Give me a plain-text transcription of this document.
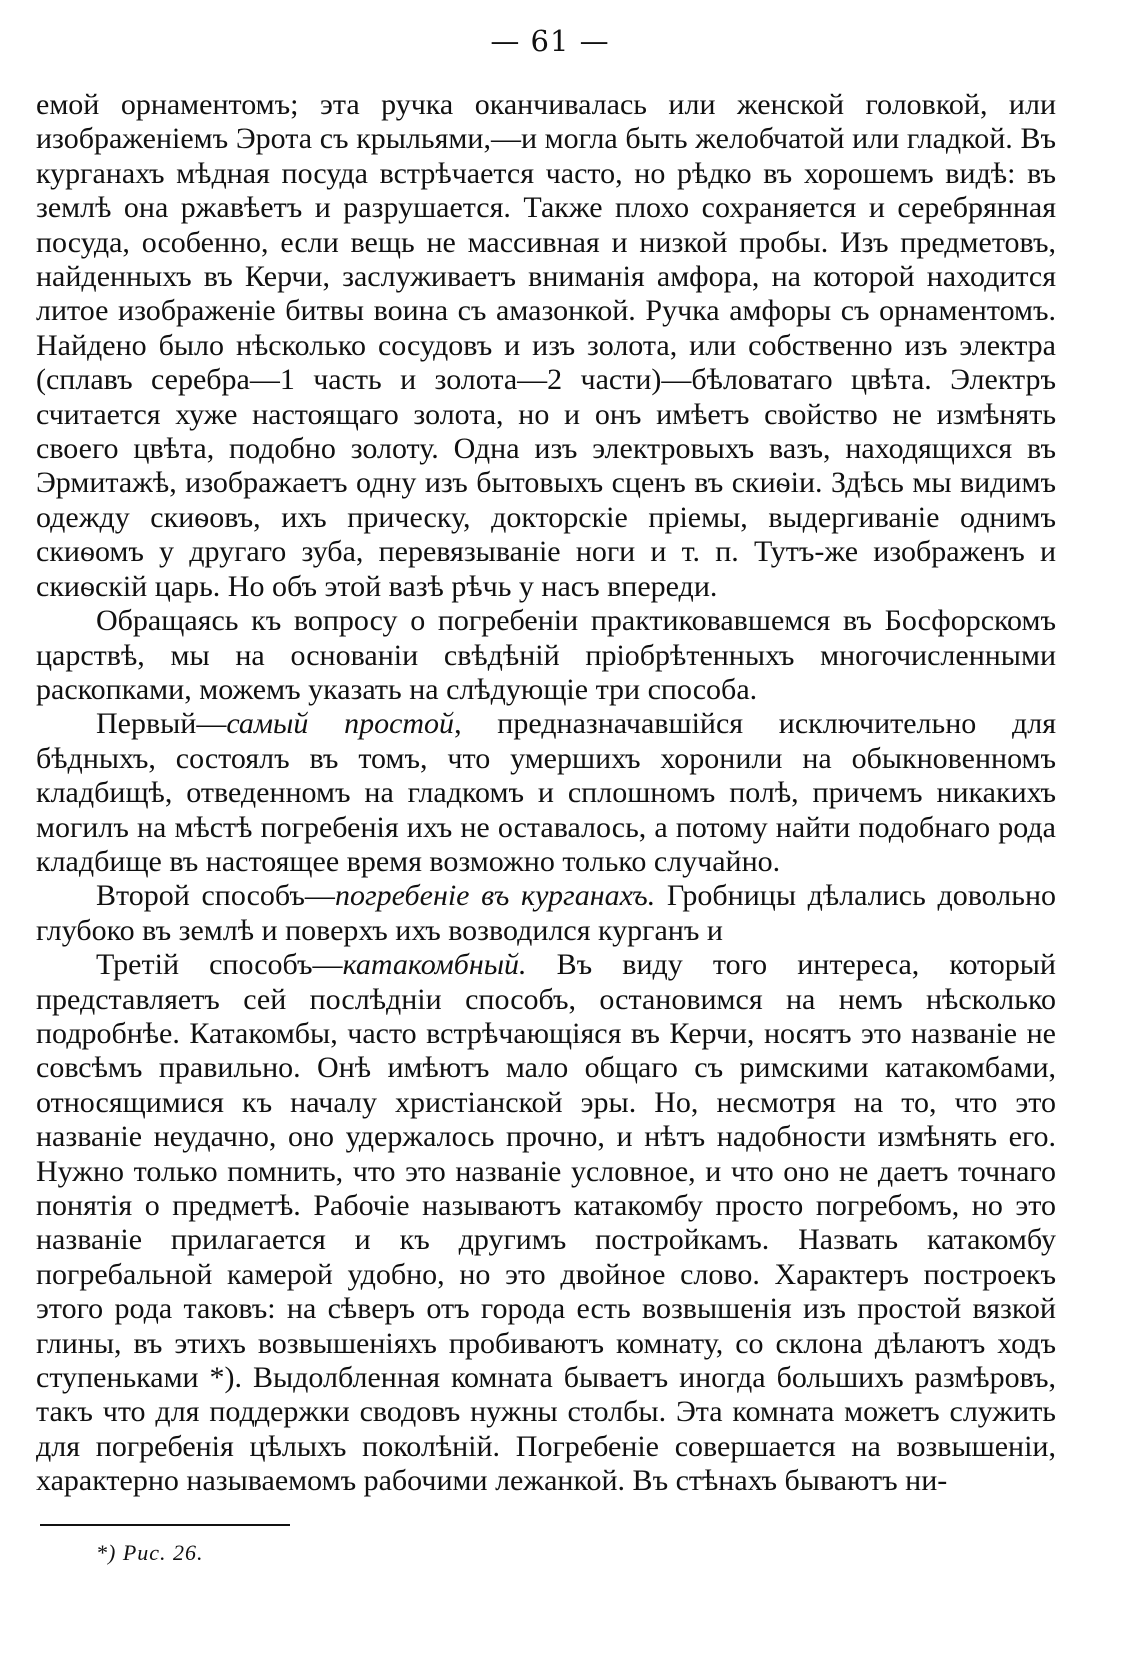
— 61 —

емой орнаментомъ; эта ручка оканчивалась или женской головкой, или изображеніемъ Эрота съ крыльями,—и могла быть желобчатой или гладкой. Въ курганахъ мѣдная посуда встрѣчается часто, но рѣдко въ хорошемъ видѣ: въ землѣ она ржавѣетъ и разрушается. Также плохо сохраняется и серебрянная посуда, особенно, если вещь не массивная и низкой пробы. Изъ предметовъ, найденныхъ въ Керчи, заслуживаетъ вниманія амфора, на которой находится литое изображеніе битвы воина съ амазонкой. Ручка амфоры съ орнаментомъ. Найдено было нѣсколько сосудовъ и изъ золота, или собственно изъ электра (сплавъ серебра—1 часть и золота—2 части)—бѣловатаго цвѣта. Электръ считается хуже настоящаго золота, но и онъ имѣетъ свойство не измѣнять своего цвѣта, подобно золоту. Одна изъ электровыхъ вазъ, находящихся въ Эрмитажѣ, изображаетъ одну изъ бытовыхъ сценъ въ скиѳіи. Здѣсь мы видимъ одежду скиѳовъ, ихъ прическу, докторскіе пріемы, выдергиваніе однимъ скиѳомъ у другаго зуба, перевязываніе ноги и т. п. Тутъ-же изображенъ и скиѳскій царь. Но объ этой вазѣ рѣчь у насъ впереди.

Обращаясь къ вопросу о погребеніи практиковавшемся въ Босфорскомъ царствѣ, мы на основаніи свѣдѣній пріобрѣтенныхъ многочисленными раскопками, можемъ указать на слѣдующіе три способа.

Первый—самый простой, предназначавшійся исключительно для бѣдныхъ, состоялъ въ томъ, что умершихъ хоронили на обыкновенномъ кладбищѣ, отведенномъ на гладкомъ и сплошномъ полѣ, причемъ никакихъ могилъ на мѣстѣ погребенія ихъ не оставалось, а потому найти подобнаго рода кладбище въ настоящее время возможно только случайно.

Второй способъ—погребеніе въ курганахъ. Гробницы дѣлались довольно глубоко въ землѣ и поверхъ ихъ возводился курганъ и

Третій способъ—катакомбный. Въ виду того интереса, который представляетъ сей послѣдніи способъ, остановимся на немъ нѣсколько подробнѣе. Катакомбы, часто встрѣчающіяся въ Керчи, носятъ это названіе не совсѣмъ правильно. Онѣ имѣютъ мало общаго съ римскими катакомбами, относящимися къ началу христіанской эры. Но, несмотря на то, что это названіе неудачно, оно удержалось прочно, и нѣтъ надобности измѣнять его. Нужно только помнить, что это названіе условное, и что оно не даетъ точнаго понятія о предметѣ. Рабочіе называютъ катакомбу просто погребомъ, но это названіе прилагается и къ другимъ постройкамъ. Назвать катакомбу погребальной камерой удобно, но это двойное слово. Характеръ построекъ этого рода таковъ: на сѣверъ отъ города есть возвышенія изъ простой вязкой глины, въ этихъ возвышеніяхъ пробиваютъ комнату, со склона дѣлаютъ ходъ ступеньками *). Выдолбленная комната бываетъ иногда большихъ размѣровъ, такъ что для поддержки сводовъ нужны столбы. Эта комната можетъ служить для погребенія цѣлыхъ поколѣній. Погребеніе совершается на возвышеніи, характерно называемомъ рабочими лежанкой. Въ стѣнахъ бываютъ ни-

*) Рис. 26.
